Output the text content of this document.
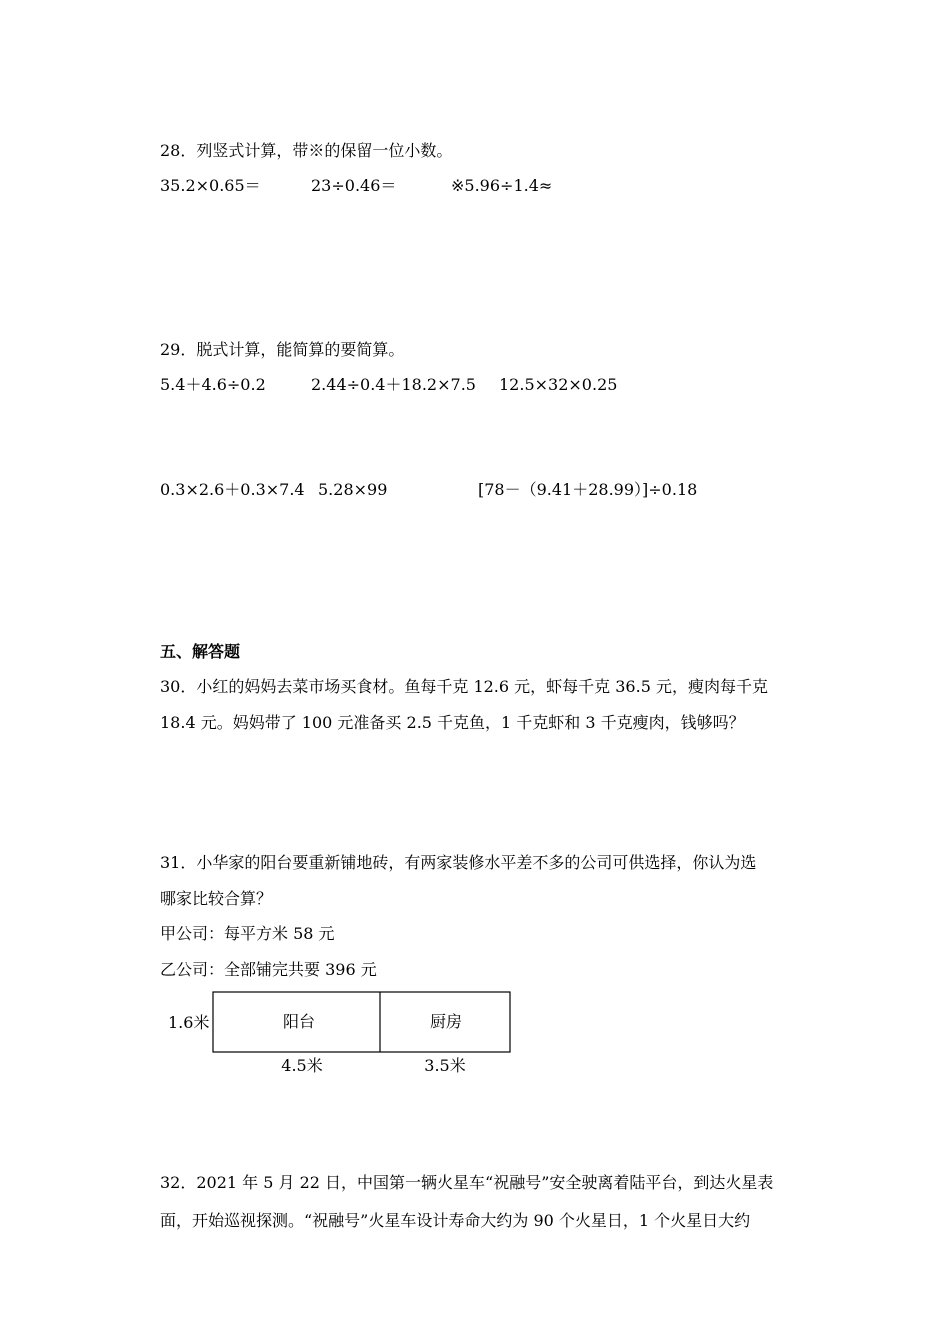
28．列竖式计算，带※的保留一位小数。
35.2×0.65＝	23÷0.46＝	※5.96÷1.4≈
29．脱式计算，能简算的要简算。
5.4＋4.6÷0.2	2.44÷0.4＋18.2×7.5 12.5×32×0.25
0.3×2.6＋0.3×7.4 5.28×99	[78－（9.41＋28.99）]÷0.18
五、解答题
30．小红的妈妈去菜市场买食材。鱼每千克 12.6 元，虾每千克 36.5 元，瘦肉每千克
18.4 元。妈妈带了 100 元准备买 2.5 千克鱼，1 千克虾和 3 千克瘦肉，钱够吗？
31．小华家的阳台要重新铺地砖，有两家装修水平差不多的公司可供选择，你认为选
哪家比较合算？
甲公司：每平方米 58 元
乙公司：全部铺完共要 396 元
1.6米	阳台	厨房
4.5米	3.5米
32．2021 年 5 月 22 日，中国第一辆火星车“祝融号”安全驶离着陆平台，到达火星表
面，开始巡视探测。“祝融号”火星车设计寿命大约为 90 个火星日，1 个火星日大约
